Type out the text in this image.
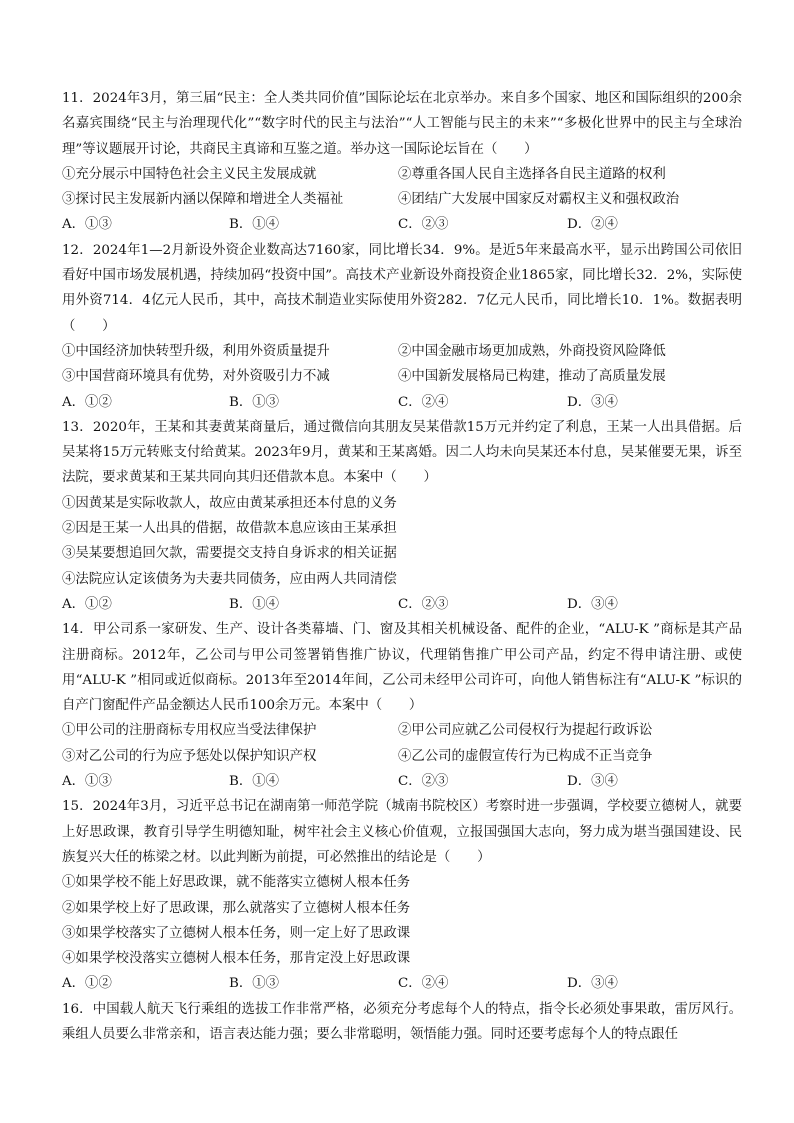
11．2024年3月，第三届“民主：全人类共同价值”国际论坛在北京举办。来自多个国家、地区和国际组织的200余名嘉宾围绕“民主与治理现代化”“数字时代的民主与法治”“人工智能与民主的未来”“多极化世界中的民主与全球治理”等议题展开讨论，共商民主真谛和互鉴之道。举办这一国际论坛旨在（　　）

①充分展示中国特色社会主义民主发展成就	②尊重各国人民自主选择各自民主道路的权利
③探讨民主发展新内涵以保障和增进全人类福祉	④团结广大发展中国家反对霸权主义和强权政治
A．①③	B．①④	C．②③	D．②④

12．2024年1—2月新设外资企业数高达7160家，同比增长34．9%。是近5年来最高水平，显示出跨国公司依旧看好中国市场发展机遇，持续加码“投资中国”。高技术产业新设外商投资企业1865家，同比增长32．2%，实际使用外资714．4亿元人民币，其中，高技术制造业实际使用外资282．7亿元人民币，同比增长10．1%。数据表明（　　）

①中国经济加快转型升级，利用外资质量提升	②中国金融市场更加成熟，外商投资风险降低
③中国营商环境具有优势，对外资吸引力不减	④中国新发展格局已构建，推动了高质量发展
A．①②	B．①③	C．②④	D．③④

13．2020年，王某和其妻黄某商量后，通过微信向其朋友吴某借款15万元并约定了利息，王某一人出具借据。后吴某将15万元转账支付给黄某。2023年9月，黄某和王某离婚。因二人均未向吴某还本付息，吴某催要无果，诉至法院，要求黄某和王某共同向其归还借款本息。本案中（　　）

①因黄某是实际收款人，故应由黄某承担还本付息的义务
②因是王某一人出具的借据，故借款本息应该由王某承担
③吴某要想追回欠款，需要提交支持自身诉求的相关证据
④法院应认定该债务为夫妻共同债务，应由两人共同清偿
A．①②	B．①④	C．②③	D．③④

14．甲公司系一家研发、生产、设计各类幕墙、门、窗及其相关机械设备、配件的企业，“ALU-K ”商标是其产品注册商标。2012年，乙公司与甲公司签署销售推广协议，代理销售推广甲公司产品，约定不得申请注册、或使用“ALU-K ”相同或近似商标。2013年至2014年间，乙公司未经甲公司许可，向他人销售标注有“ALU-K ”标识的自产门窗配件产品金额达人民币100余万元。本案中（　　）

①甲公司的注册商标专用权应当受法律保护	②甲公司应就乙公司侵权行为提起行政诉讼
③对乙公司的行为应予惩处以保护知识产权	④乙公司的虚假宣传行为已构成不正当竞争
A．①③	B．①④	C．②③	D．③④

15．2024年3月，习近平总书记在湖南第一师范学院（城南书院校区）考察时进一步强调，学校要立德树人，就要上好思政课，教育引导学生明德知耻，树牢社会主义核心价值观，立报国强国大志向，努力成为堪当强国建设、民族复兴大任的栋梁之材。以此判断为前提，可必然推出的结论是（　　）

①如果学校不能上好思政课，就不能落实立德树人根本任务
②如果学校上好了思政课，那么就落实了立德树人根本任务
③如果学校落实了立德树人根本任务，则一定上好了思政课
④如果学校没落实立德树人根本任务，那肯定没上好思政课
A．①②	B．①③	C．②④	D．③④

16．中国载人航天飞行乘组的选拔工作非常严格，必须充分考虑每个人的特点，指令长必须处事果敢，雷厉风行。乘组人员要么非常亲和，语言表达能力强；要么非常聪明，领悟能力强。同时还要考虑每个人的特点跟任
